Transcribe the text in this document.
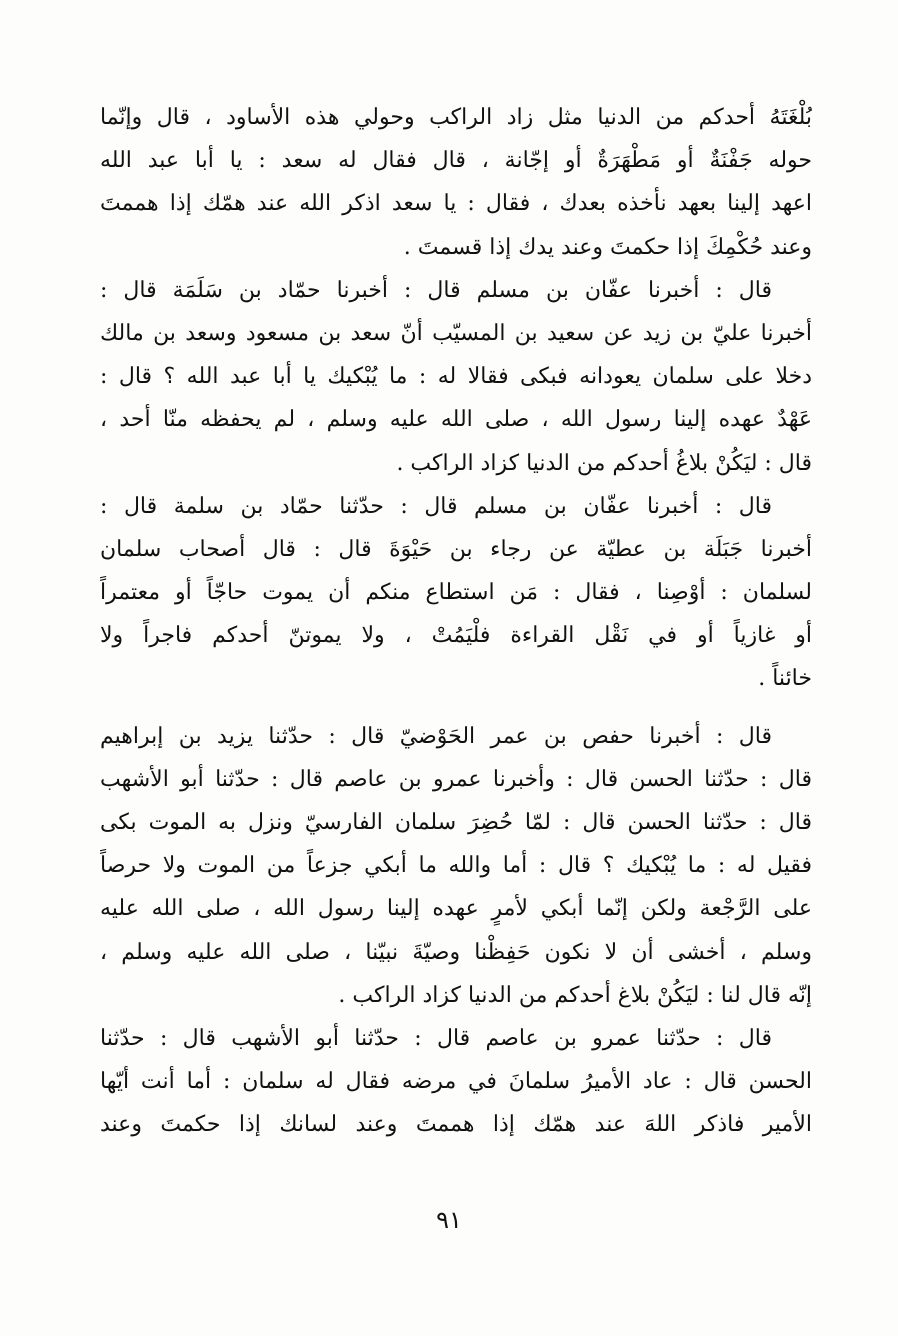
بُلْغَتَهُ أحدكم من الدنيا مثل زاد الراكب وحولي هذه الأساود ، قال وإنّما
حوله جَفْنَةٌ أو مَطْهَرَةٌ أو إجّانة ، قال فقال له سعد : يا أبا عبد الله
اعهد إلينا بعهد نأخذه بعدك ، فقال : يا سعد اذكر الله عند همّك إذا هممتَ
وعند حُكْمِكَ إذا حكمتَ وعند يدك إذا قسمتَ .
قال : أخبرنا عفّان بن مسلم قال : أخبرنا حمّاد بن سَلَمَة قال :
أخبرنا عليّ بن زيد عن سعيد بن المسيّب أنّ سعد بن مسعود وسعد بن مالك
دخلا على سلمان يعودانه فبكى فقالا له : ما يُبْكيك يا أبا عبد الله ؟ قال :
عَهْدٌ عهده إلينا رسول الله ، صلى الله عليه وسلم ، لم يحفظه منّا أحد ،
قال : ليَكُنْ بلاغُ أحدكم من الدنيا كزاد الراكب .
قال : أخبرنا عفّان بن مسلم قال : حدّثنا حمّاد بن سلمة قال :
أخبرنا جَبَلَة بن عطيّة عن رجاء بن حَيْوَةَ قال : قال أصحاب سلمان
لسلمان : أوْصِنا ، فقال : مَن استطاع منكم أن يموت حاجّاً أو معتمراً
أو غازياً أو في نَقْل القراءة فلْيَمُتْ ، ولا يموتنّ أحدكم فاجراً ولا
خائناً .
قال : أخبرنا حفص بن عمر الحَوْضيّ قال : حدّثنا يزيد بن إبراهيم
قال : حدّثنا الحسن قال : وأخبرنا عمرو بن عاصم قال : حدّثنا أبو الأشهب
قال : حدّثنا الحسن قال : لمّا حُضِرَ سلمان الفارسيّ ونزل به الموت بكى
فقيل له : ما يُبْكيك ؟ قال : أما والله ما أبكي جزعاً من الموت ولا حرصاً
على الرَّجْعة ولكن إنّما أبكي لأمرٍ عهده إلينا رسول الله ، صلى الله عليه
وسلم ، أخشى أن لا نكون حَفِظْنا وصيّةَ نبيّنا ، صلى الله عليه وسلم ،
إنّه قال لنا : ليَكُنْ بلاغ أحدكم من الدنيا كزاد الراكب .
قال : حدّثنا عمرو بن عاصم قال : حدّثنا أبو الأشهب قال : حدّثنا
الحسن قال : عاد الأميرُ سلمانَ في مرضه فقال له سلمان : أما أنت أيّها
الأمير فاذكر اللهَ عند همّك إذا هممتَ وعند لسانك إذا حكمتَ وعند
٩١
